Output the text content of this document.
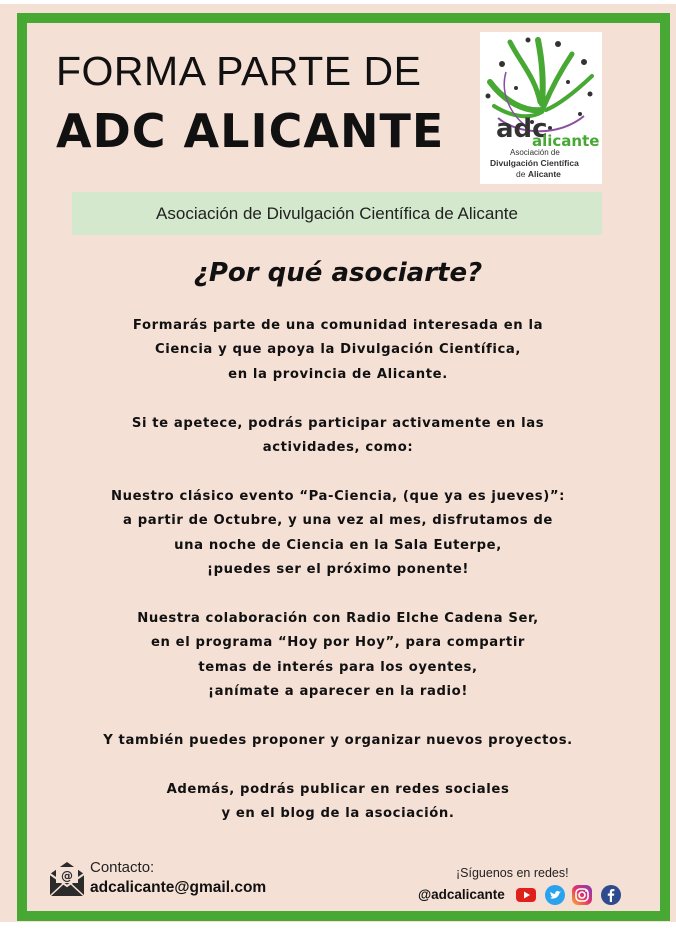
FORMA PARTE DE
ADC ALICANTE adc
alicante
Asociación de
Divulgación Científica
de Alicante
Asociación de Divulgación Científica de Alicante
¿Por qué asociarte?

Formarás parte de una comunidad interesada en la

Ciencia y que apoya la Divulgación Científica,

en la provincia de Alicante.

Si te apetece, podrás participar activamente en las

actividades, como:

Nuestro clásico evento “Pa-Ciencia, (que ya es jueves)”:

a partir de Octubre, y una vez al mes, disfrutamos de

una noche de Ciencia en la Sala Euterpe,

¡puedes ser el próximo ponente!

Nuestra colaboración con Radio Elche Cadena Ser,

en el programa “Hoy por Hoy”, para compartir

temas de interés para los oyentes,

¡anímate a aparecer en la radio!

Y también puedes proponer y organizar nuevos proyectos.

Además, podrás publicar en redes sociales

y en el blog de la asociación.

@ Contacto:
adcalicante@gmail.com
¡Síguenos en redes!
@adcalicante
